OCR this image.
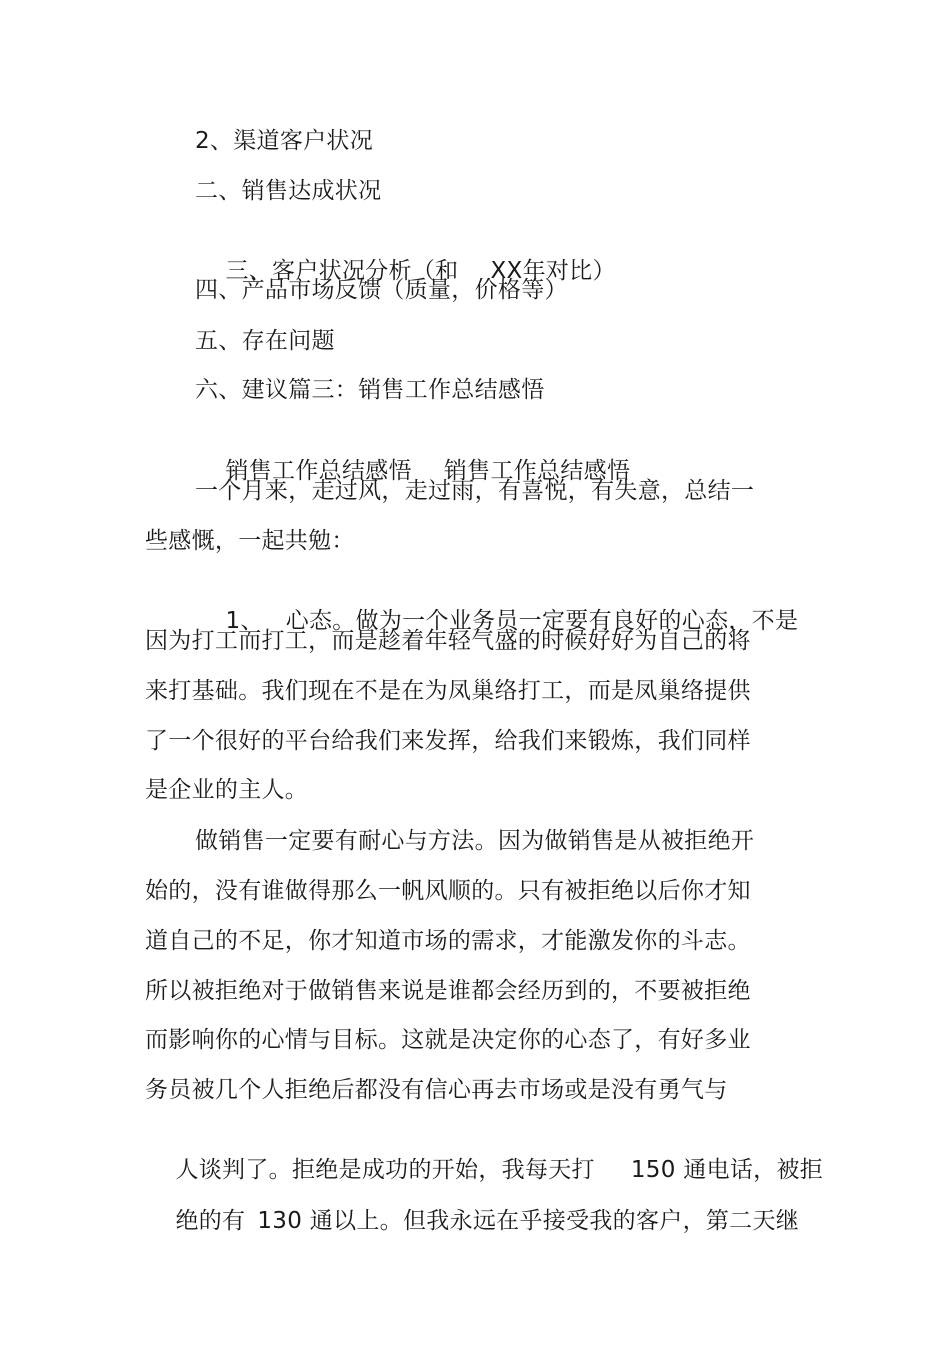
2、渠道客户状况
二、销售达成状况

三、客户状况分析（和 XX年对比）

四、产品市场反馈（质量，价格等）
五、存在问题
六、建议篇三：销售工作总结感悟

销售工作总结感悟 销售工作总结感悟

一个月来，走过风，走过雨，有喜悦，有失意，总结一
些感慨，一起共勉：

1、 心态。做为一个业务员一定要有良好的心态，不是

因为打工而打工，而是趁着年轻气盛的时候好好为自己的将
来打基础。我们现在不是在为凤巢络打工，而是凤巢络提供
了一个很好的平台给我们来发挥，给我们来锻炼，我们同样
是企业的主人。
做销售一定要有耐心与方法。因为做销售是从被拒绝开
始的，没有谁做得那么一帆风顺的。只有被拒绝以后你才知
道自己的不足，你才知道市场的需求，才能激发你的斗志。
所以被拒绝对于做销售来说是谁都会经历到的，不要被拒绝
而影响你的心情与目标。这就是决定你的心态了，有好多业
务员被几个人拒绝后都没有信心再去市场或是没有勇气与

人谈判了。拒绝是成功的开始，我每天打 150 通电话，被拒

绝的有 130 通以上。但我永远在乎接受我的客户，第二天继
